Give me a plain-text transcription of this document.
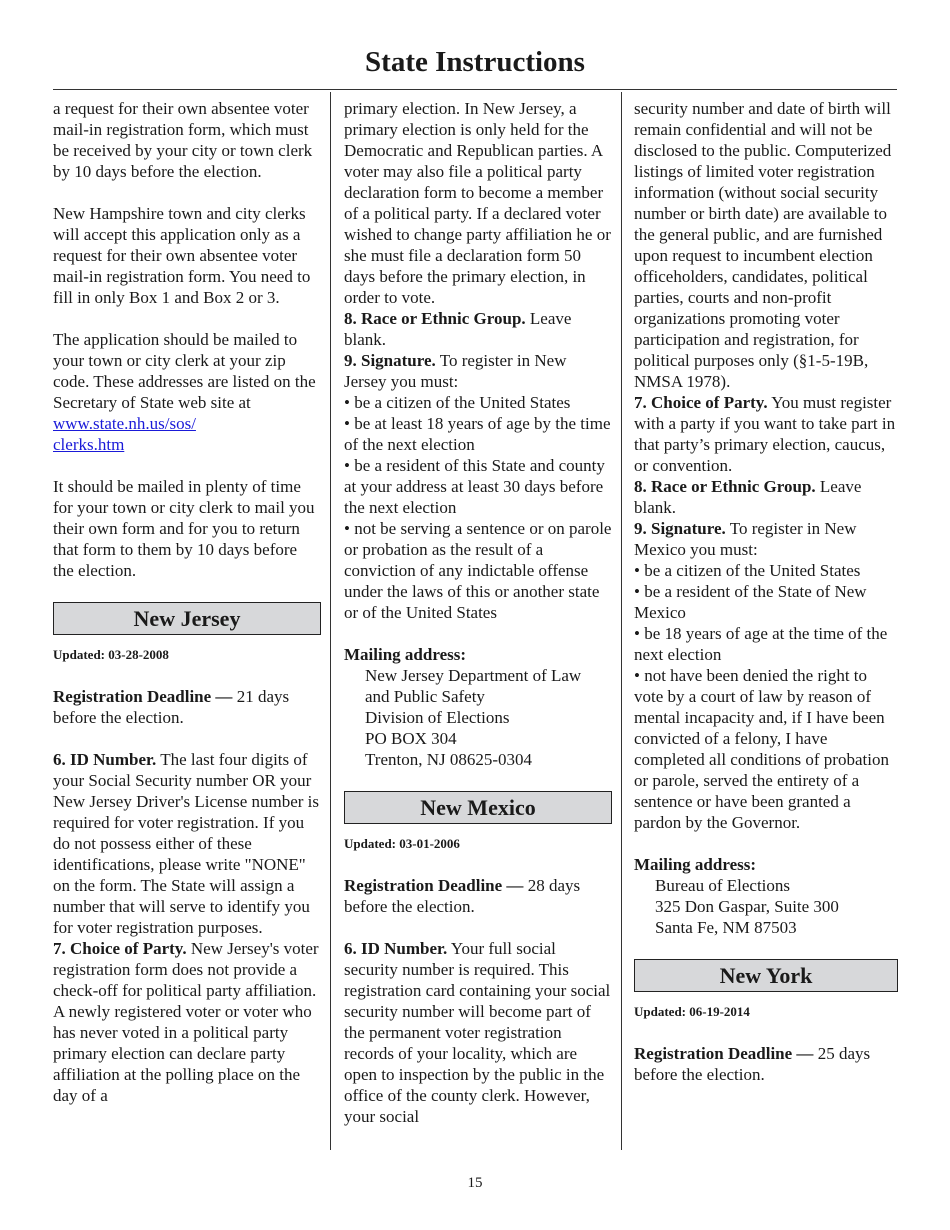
State Instructions

a request for their own absentee voter mail-in registration form, which must be received by your city or town clerk by 10 days before the election.

New Hampshire town and city clerks will accept this application only as a request for their own absentee voter mail-in registration form. You need to fill in only Box 1 and Box 2 or 3.

The application should be mailed to your town or city clerk at your zip code. These addresses are listed on the Secretary of State web site at www.state.nh.us/sos/
clerks.htm

It should be mailed in plenty of time for your town or city clerk to mail you their own form and for you to return that form to them by 10 days before the election.

New Jersey

Updated: 03-28-2008

Registration Deadline — 21 days before the election.

6. ID Number. The last four digits of your Social Security number OR your New Jersey Driver's License number is required for voter registration. If you do not possess either of these identifications, please write "NONE" on the form. The State will assign a number that will serve to identify you for voter registration purposes.

7. Choice of Party. New Jersey's voter registration form does not provide a check-off for political party affiliation. A newly registered voter or voter who has never voted in a political party primary election can declare party affiliation at the polling place on the day of a

primary election. In New Jersey, a primary election is only held for the Democratic and Republican parties. A voter may also file a political party declaration form to become a member of a political party. If a declared voter wished to change party affiliation he or she must file a declaration form 50 days before the primary election, in order to vote.

8. Race or Ethnic Group. Leave blank.

9. Signature. To register in New Jersey you must:

• be a citizen of the United States

• be at least 18 years of age by the time of the next election

• be a resident of this State and county at your address at least 30 days before the next election

• not be serving a sentence or on parole or probation as the result of a conviction of any indictable offense under the laws of this or another state or of the United States

Mailing address:

New Jersey Department of Law

and Public Safety

Division of Elections

PO BOX 304

Trenton, NJ 08625-0304

New Mexico

Updated: 03-01-2006

Registration Deadline — 28 days before the election.

6. ID Number. Your full social security number is required. This registration card containing your social security number will become part of the permanent voter registration records of your locality, which are open to inspection by the public in the office of the county clerk. However, your social

security number and date of birth will remain confidential and will not be disclosed to the public. Computerized listings of limited voter registration information (without social security number or birth date) are available to the general public, and are furnished upon request to incumbent election officeholders, candidates, political parties, courts and non-profit organizations promoting voter participation and registration, for political purposes only (§1-5-19B, NMSA 1978).

7. Choice of Party. You must register with a party if you want to take part in that party’s primary election, caucus, or convention.

8. Race or Ethnic Group. Leave blank.

9. Signature. To register in New Mexico you must:

• be a citizen of the United States

• be a resident of the State of New Mexico

• be 18 years of age at the time of the next election

• not have been denied the right to vote by a court of law by reason of mental incapacity and, if I have been convicted of a felony, I have completed all conditions of probation or parole, served the entirety of a sentence or have been granted a pardon by the Governor.

Mailing address:

Bureau of Elections

325 Don Gaspar, Suite 300

Santa Fe, NM 87503

New York

Updated: 06-19-2014

Registration Deadline — 25 days before the election.

15
